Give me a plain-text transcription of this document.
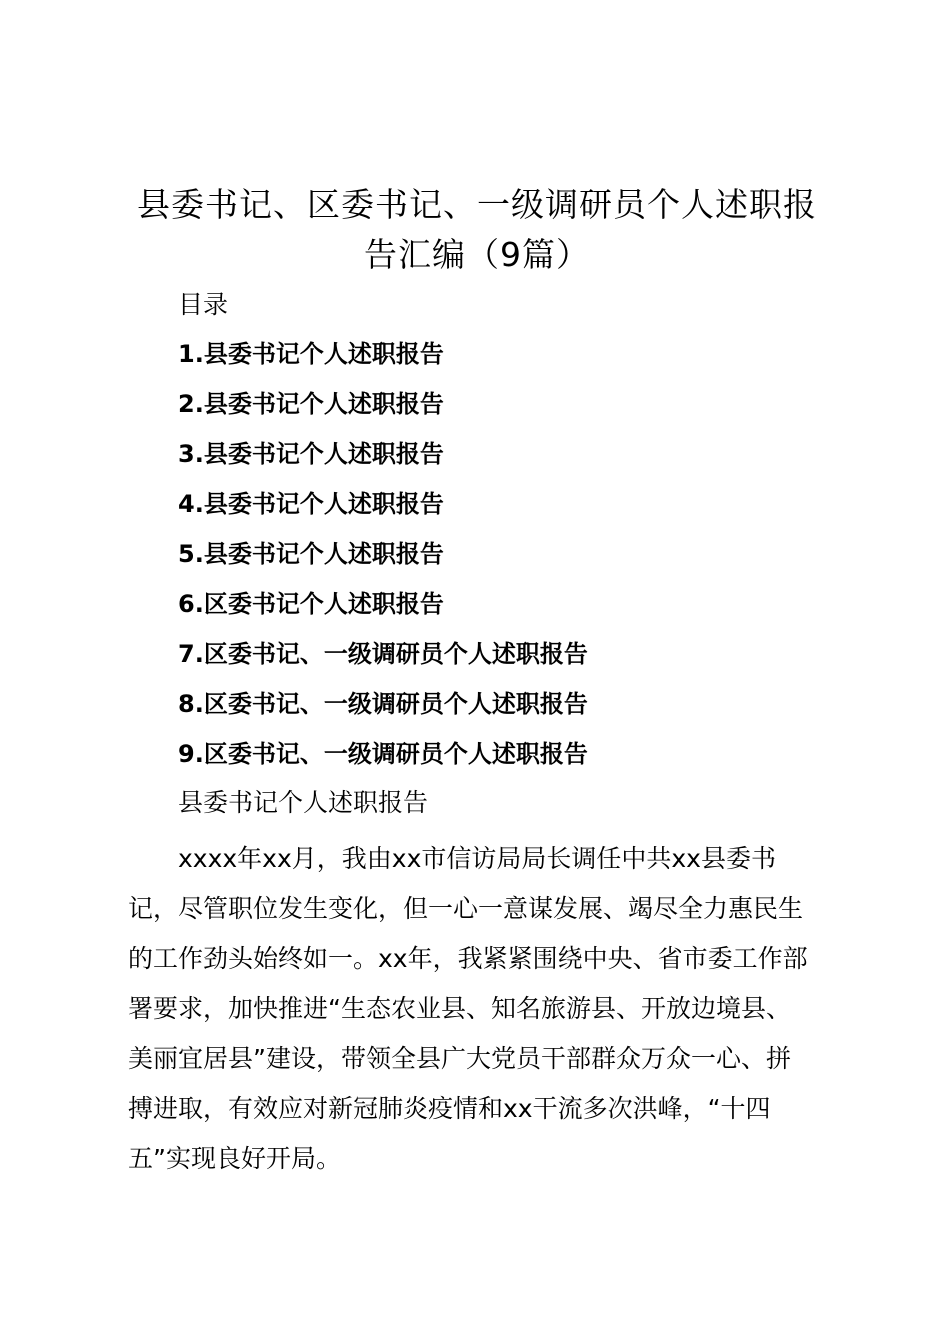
县委书记、区委书记、一级调研员个人述职报
告汇编（9篇）
目录
1.县委书记个人述职报告
2.县委书记个人述职报告
3.县委书记个人述职报告
4.县委书记个人述职报告
5.县委书记个人述职报告
6.区委书记个人述职报告
7.区委书记、一级调研员个人述职报告
8.区委书记、一级调研员个人述职报告
9.区委书记、一级调研员个人述职报告
县委书记个人述职报告
xxxx年xx月，我由xx市信访局局长调任中共xx县委书
记，尽管职位发生变化，但一心一意谋发展、竭尽全力惠民生
的工作劲头始终如一。xx年，我紧紧围绕中央、省市委工作部
署要求，加快推进“生态农业县、知名旅游县、开放边境县、
美丽宜居县”建设，带领全县广大党员干部群众万众一心、拼
搏进取，有效应对新冠肺炎疫情和xx干流多次洪峰，“十四
五”实现良好开局。
